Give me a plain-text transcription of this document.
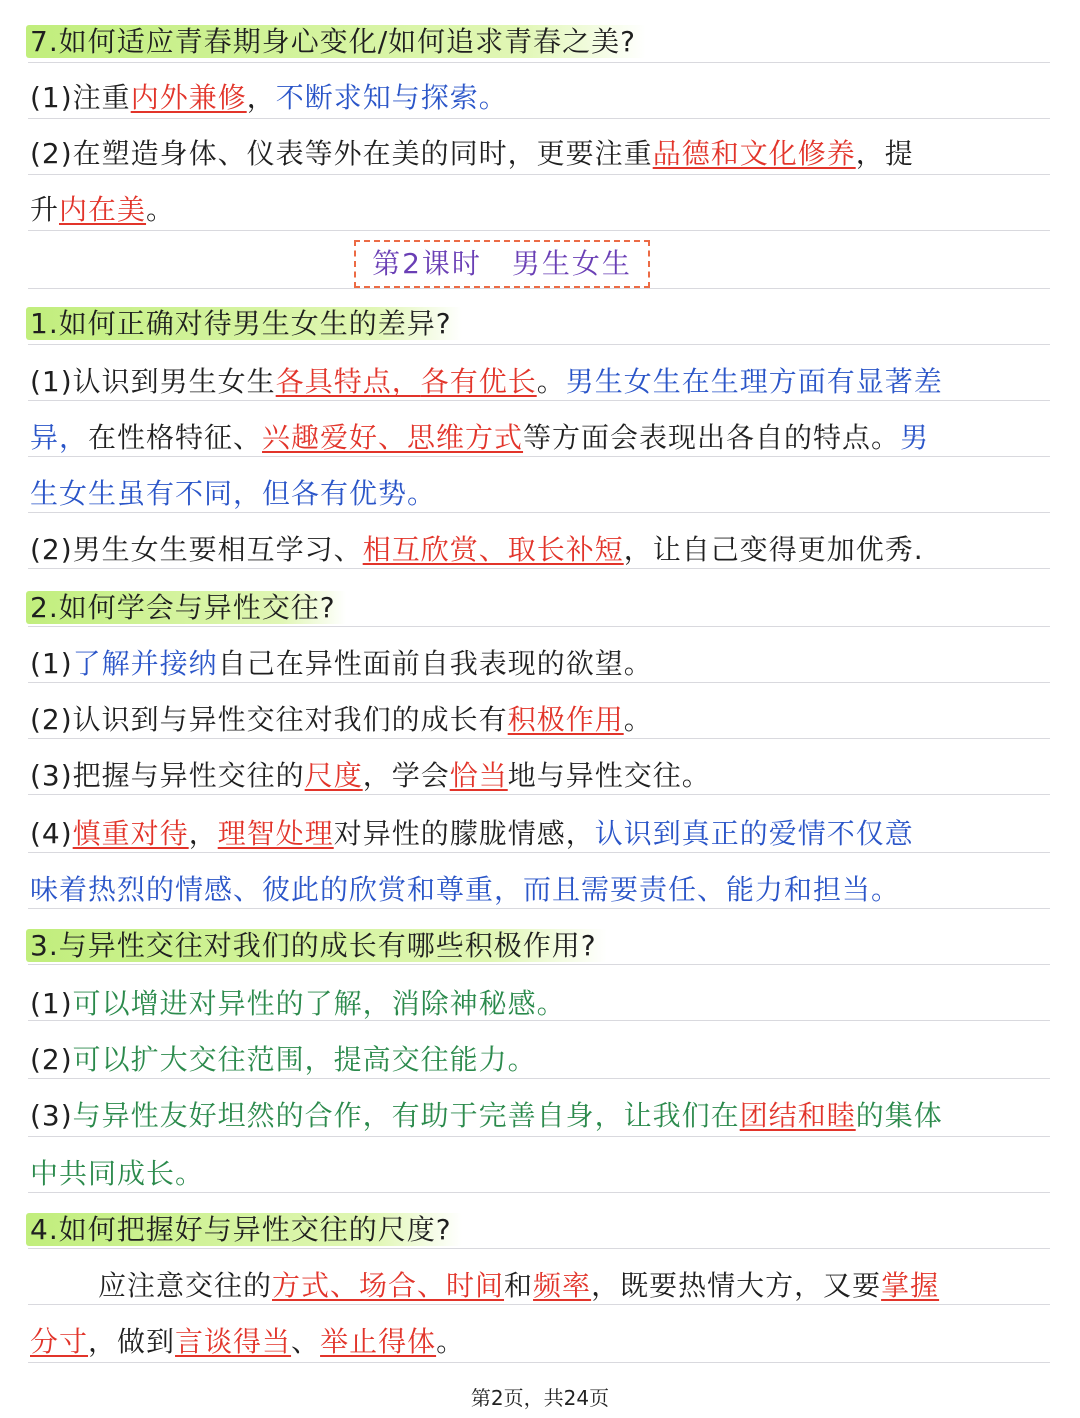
7.如何适应青春期身心变化/如何追求青春之美?
(1)注重内外兼修，不断求知与探索。
(2)在塑造身体、仪表等外在美的同时，更要注重品德和文化修养，提
升内在美。
第2课时　男生女生
1.如何正确对待男生女生的差异?
(1)认识到男生女生各具特点，各有优长。男生女生在生理方面有显著差
异，在性格特征、兴趣爱好、思维方式等方面会表现出各自的特点。男
生女生虽有不同，但各有优势。
(2)男生女生要相互学习、相互欣赏、取长补短，让自己变得更加优秀.
2.如何学会与异性交往?
(1)了解并接纳自己在异性面前自我表现的欲望。
(2)认识到与异性交往对我们的成长有积极作用。
(3)把握与异性交往的尺度，学会恰当地与异性交往。
(4)慎重对待，理智处理对异性的朦胧情感，认识到真正的爱情不仅意
味着热烈的情感、彼此的欣赏和尊重，而且需要责任、能力和担当。
3.与异性交往对我们的成长有哪些积极作用?
(1)可以增进对异性的了解，消除神秘感。
(2)可以扩大交往范围，提高交往能力。
(3)与异性友好坦然的合作，有助于完善自身，让我们在团结和睦的集体
中共同成长。
4.如何把握好与异性交往的尺度?
应注意交往的方式、场合、时间和频率，既要热情大方，又要掌握
分寸，做到言谈得当、举止得体。
第2页，共24页
